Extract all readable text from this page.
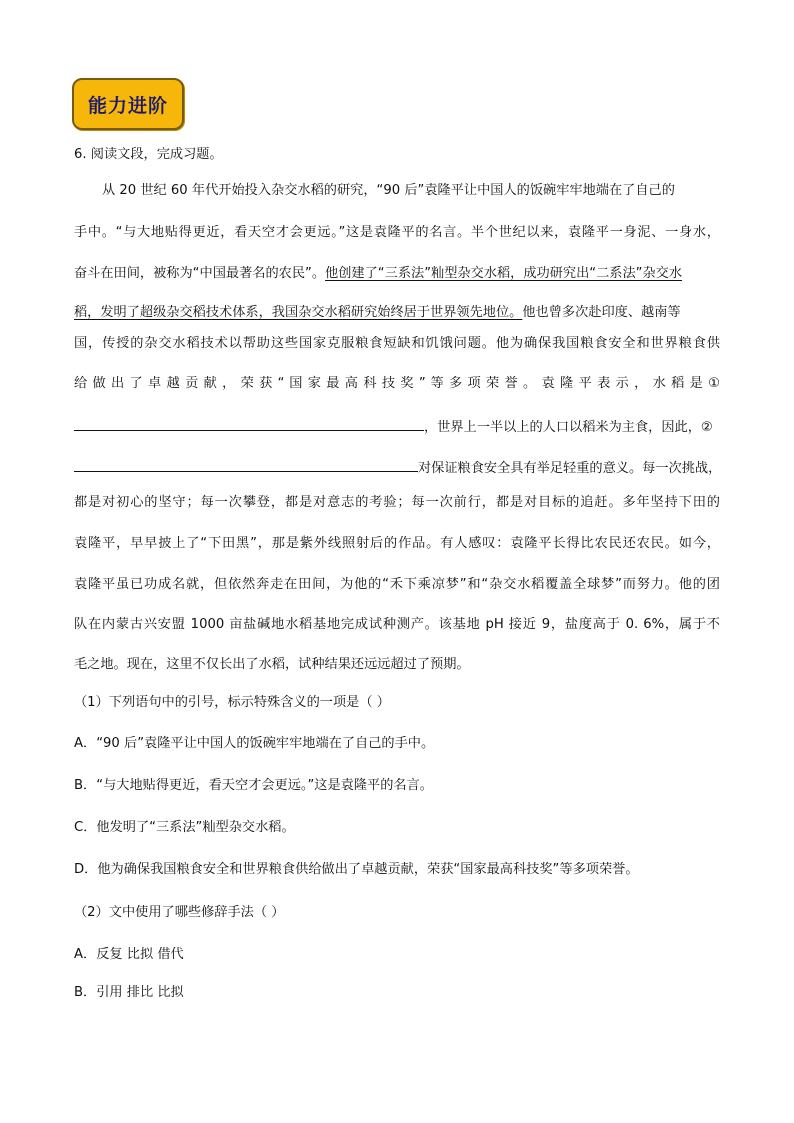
能力进阶
6. 阅读文段，完成习题。
从 20 世纪 60 年代开始投入杂交水稻的研究，“90 后”袁隆平让中国人的饭碗牢牢地端在了自己的
手中。“与大地贴得更近，看天空才会更远。”这是袁隆平的名言。半个世纪以来，袁隆平一身泥、一身水，
奋斗在田间，被称为“中国最著名的农民”。他创建了“三系法”籼型杂交水稻，成功研究出“二系法”杂交水
稻，发明了超级杂交稻技术体系，我国杂交水稻研究始终居于世界领先地位。他也曾多次赴印度、越南等
国，传授的杂交水稻技术以帮助这些国家克服粮食短缺和饥饿问题。他为确保我国粮食安全和世界粮食供
给 做 出 了 卓 越 贡 献 ， 荣 获 “ 国 家 最 高 科 技 奖 ” 等 多 项 荣 誉 。 袁 隆 平 表 示 ， 水 稻 是 ①
，世界上一半以上的人口以稻米为主食，因此，②
对保证粮食安全具有举足轻重的意义。每一次挑战，
都是对初心的坚守；每一次攀登，都是对意志的考验；每一次前行，都是对目标的追赶。多年坚持下田的
袁隆平，早早披上了“下田黑”，那是紫外线照射后的作品。有人感叹：袁隆平长得比农民还农民。如今，
袁隆平虽已功成名就，但依然奔走在田间，为他的“禾下乘凉梦”和“杂交水稻覆盖全球梦”而努力。他的团
队在内蒙古兴安盟 1000 亩盐碱地水稻基地完成试种测产。该基地 pH 接近 9，盐度高于 0. 6%，属于不
毛之地。现在，这里不仅长出了水稻，试种结果还远远超过了预期。
（1）下列语句中的引号，标示特殊含义的一项是（ ）
A．“90 后”袁隆平让中国人的饭碗牢牢地端在了自己的手中。
B．“与大地贴得更近，看天空才会更远。”这是袁隆平的名言。
C．他发明了“三系法”籼型杂交水稻。
D．他为确保我国粮食安全和世界粮食供给做出了卓越贡献，荣获“国家最高科技奖”等多项荣誉。
（2）文中使用了哪些修辞手法（ ）
A．反复 比拟 借代
B．引用 排比 比拟
